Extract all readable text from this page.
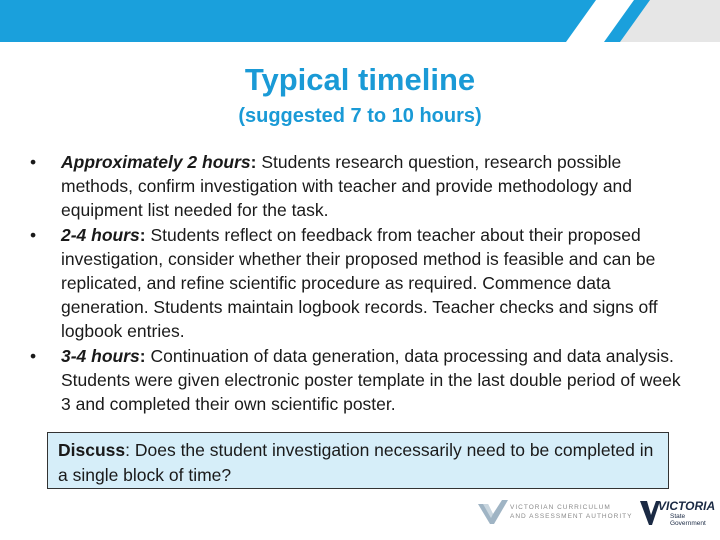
Typical timeline
(suggested 7 to 10 hours)
• Approximately 2 hours: Students research question, research possible methods, confirm investigation with teacher and provide methodology and equipment list needed for the task.
• 2-4 hours: Students reflect on feedback from teacher about their proposed investigation, consider whether their proposed method is feasible and can be replicated, and refine scientific procedure as required. Commence data generation. Students maintain logbook records. Teacher checks and signs off logbook entries.
• 3-4 hours: Continuation of data generation, data processing and data analysis. Students were given electronic poster template in the last double period of week 3 and completed their own scientific poster.
Discuss: Does the student investigation necessarily need to be completed in a single block of time?
VICTORIAN CURRICULUM
AND ASSESSMENT AUTHORITY
VICTORIA
State
Government
